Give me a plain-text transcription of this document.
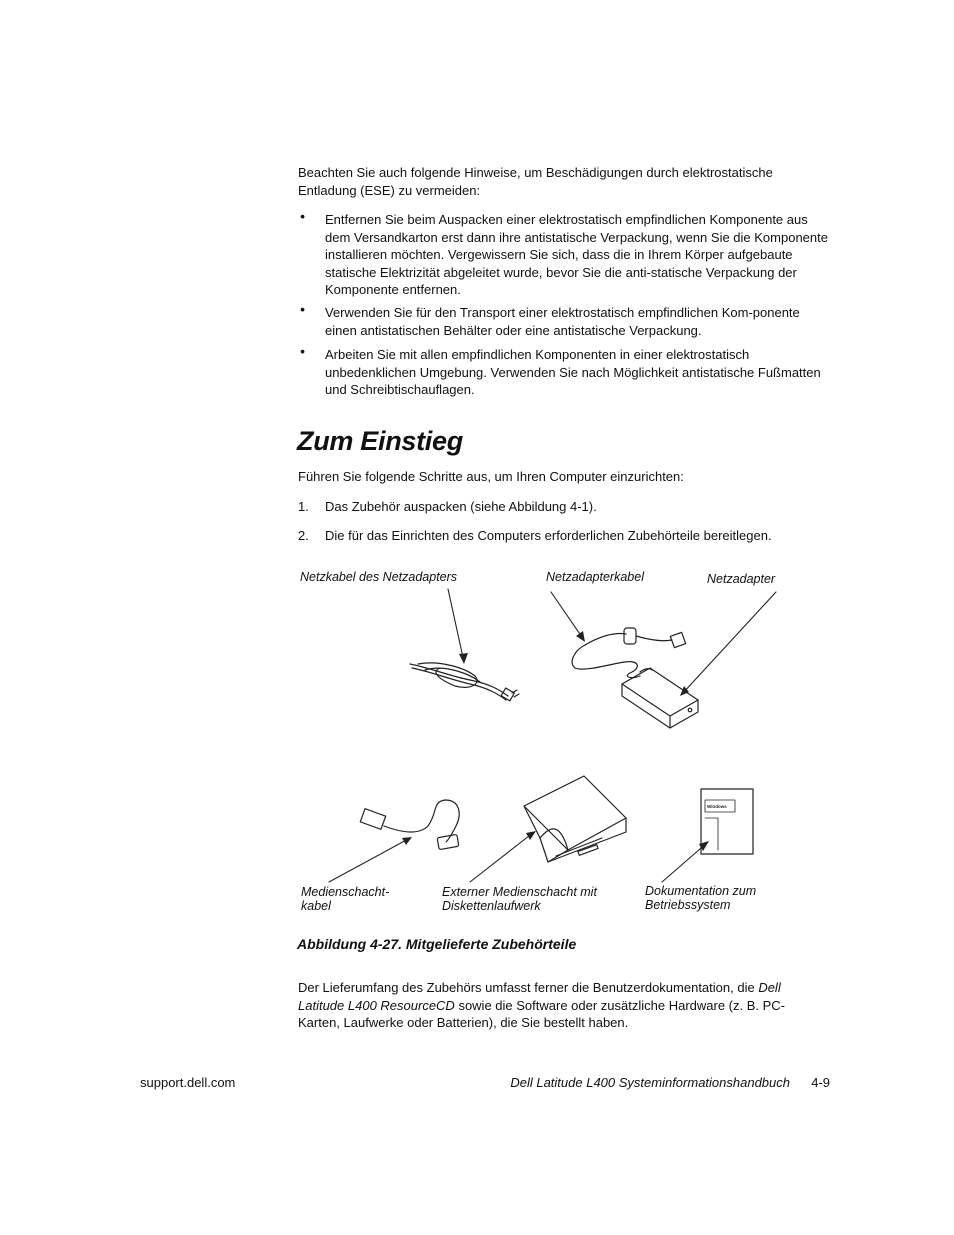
Beachten Sie auch folgende Hinweise, um Beschädigungen durch elektrostatische Entladung (ESE) zu vermeiden:
• Entfernen Sie beim Auspacken einer elektrostatisch empfindlichen Komponente aus dem Versandkarton erst dann ihre antistatische Verpackung, wenn Sie die Komponente installieren möchten. Vergewissern Sie sich, dass die in Ihrem Körper aufgebaute statische Elektrizität abgeleitet wurde, bevor Sie die anti-statische Verpackung der Komponente entfernen.
• Verwenden Sie für den Transport einer elektrostatisch empfindlichen Kom-ponente einen antistatischen Behälter oder eine antistatische Verpackung.
• Arbeiten Sie mit allen empfindlichen Komponenten in einer elektrostatisch unbedenklichen Umgebung. Verwenden Sie nach Möglichkeit antistatische Fußmatten und Schreibtischauflagen.
Zum Einstieg
Führen Sie folgende Schritte aus, um Ihren Computer einzurichten:
1. Das Zubehör auspacken (siehe Abbildung 4-1).
2. Die für das Einrichten des Computers erforderlichen Zubehörteile bereitlegen.
Windows
Netzkabel des Netzadapters	Netzadapterkabel	Netzadapter
Medienschacht-
kabel
Externer Medienschacht mit
Diskettenlaufwerk
Dokumentation zum
Betriebssystem
Abbildung 4-27. Mitgelieferte Zubehörteile
Der Lieferumfang des Zubehörs umfasst ferner die Benutzerdokumentation, die Dell Latitude L400 ResourceCD sowie die Software oder zusätzliche Hardware (z. B. PC-Karten, Laufwerke oder Batterien), die Sie bestellt haben.
support.dell.com	Dell Latitude L400 Systeminformationshandbuch 4-9
